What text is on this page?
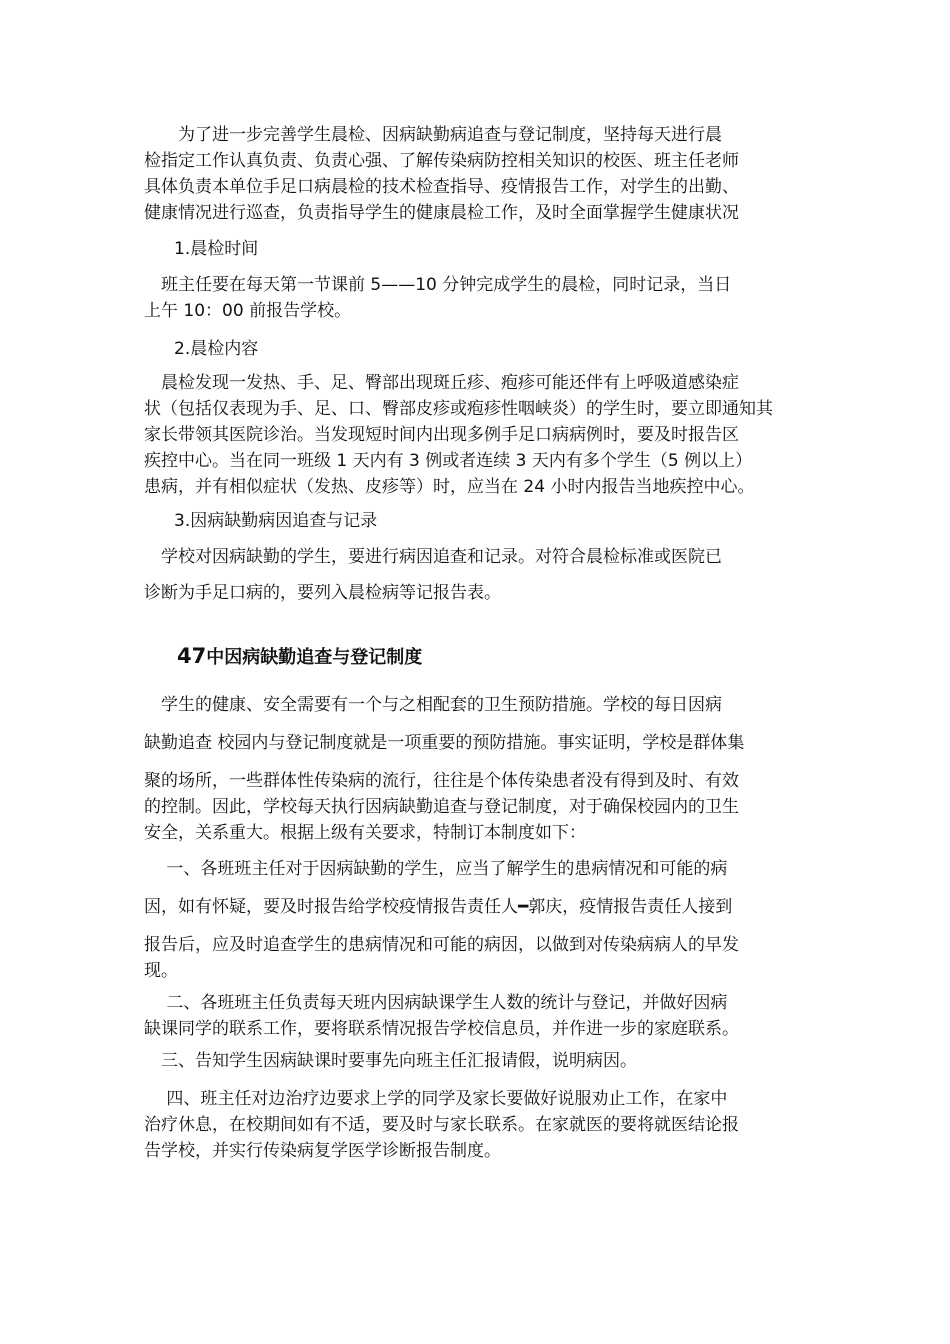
　　为了进一步完善学生晨检、因病缺勤病追查与登记制度，坚持每天进行晨
检指定工作认真负责、负责心强、了解传染病防控相关知识的校医、班主任老师
具体负责本单位手足口病晨检的技术检查指导、疫情报告工作，对学生的出勤、
健康情况进行巡查，负责指导学生的健康晨检工作，及时全面掌握学生健康状况

1.晨检时间

　班主任要在每天第一节课前 5——10 分钟完成学生的晨检，同时记录，当日
上午 10：00 前报告学校。

2.晨检内容

　晨检发现一发热、手、足、臀部出现斑丘疹、疱疹可能还伴有上呼吸道感染症
状（包括仅表现为手、足、口、臀部皮疹或疱疹性咽峡炎）的学生时，要立即通知其
家长带领其医院诊治。当发现短时间内出现多例手足口病病例时，要及时报告区
疾控中心。当在同一班级 1 天内有 3 例或者连续 3 天内有多个学生（5 例以上）
患病，并有相似症状（发热、皮疹等）时，应当在 24 小时内报告当地疾控中心。

3.因病缺勤病因追查与记录

　学校对因病缺勤的学生，要进行病因追查和记录。对符合晨检标准或医院已
诊断为手足口病的，要列入晨检病等记报告表。

47中因病缺勤追查与登记制度

　学生的健康、安全需要有一个与之相配套的卫生预防措施。学校的每日因病
缺勤追查 校园内与登记制度就是一项重要的预防措施。事实证明，学校是群体集
聚的场所，一些群体性传染病的流行，往往是个体传染患者没有得到及时、有效
的控制。因此，学校每天执行因病缺勤追查与登记制度，对于确保校园内的卫生
安全，关系重大。根据上级有关要求，特制订本制度如下：
　 一、各班班主任对于因病缺勤的学生，应当了解学生的患病情况和可能的病
因，如有怀疑，要及时报告给学校疫情报告责任人━郭庆，疫情报告责任人接到
报告后，应及时追查学生的患病情况和可能的病因，以做到对传染病病人的早发
现。
　 二、各班班主任负责每天班内因病缺课学生人数的统计与登记，并做好因病
缺课同学的联系工作，要将联系情况报告学校信息员，并作进一步的家庭联系。
　三、告知学生因病缺课时要事先向班主任汇报请假，说明病因。
　 四、班主任对边治疗边要求上学的同学及家长要做好说服劝止工作，在家中
治疗休息，在校期间如有不适，要及时与家长联系。在家就医的要将就医结论报
告学校，并实行传染病复学医学诊断报告制度。
